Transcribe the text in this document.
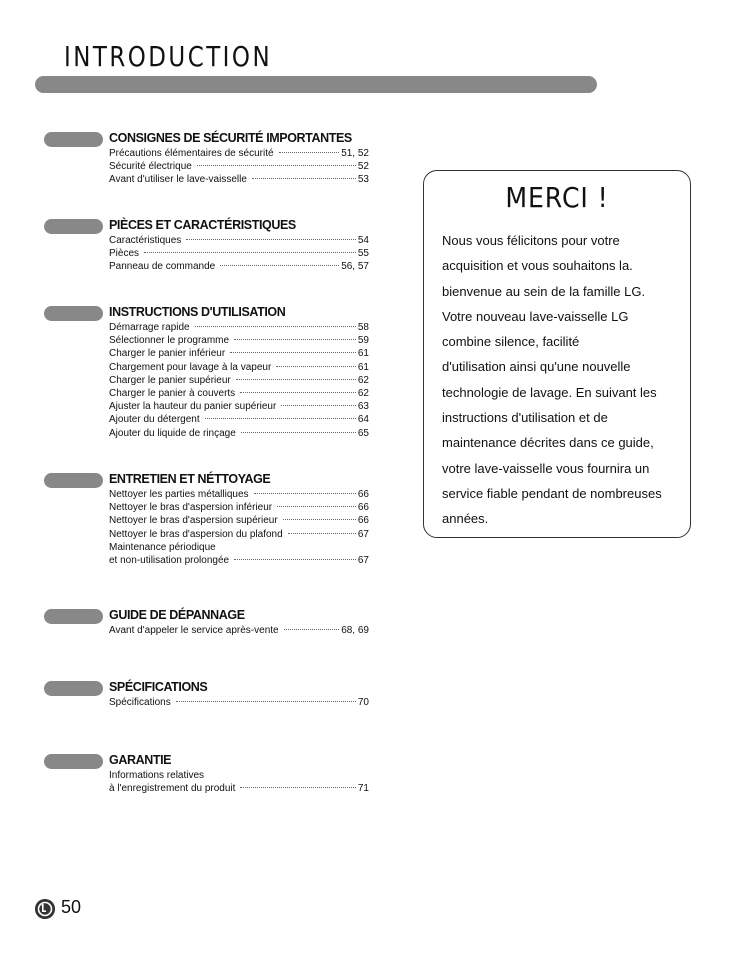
INTRODUCTION
CONSIGNES DE SÉCURITÉ IMPORTANTES
Précautions élémentaires de sécurité	51, 52
Sécurité électrique	52
Avant d'utiliser le lave-vaisselle	53
PIÈCES ET CARACTÉRISTIQUES
Caractéristiques	54
Pièces	55
Panneau de commande	56, 57
INSTRUCTIONS D'UTILISATION
Démarrage rapide	58
Sélectionner le programme	59
Charger le panier inférieur	61
Chargement pour lavage à la vapeur	61
Charger le panier supérieur	62
Charger le panier à couverts	62
Ajuster la hauteur du panier supérieur	63
Ajouter du détergent	64
Ajouter du liquide de rinçage	65
ENTRETIEN ET NÉTTOYAGE
Nettoyer les parties métalliques	66
Nettoyer le bras d'aspersion inférieur	66
Nettoyer le bras d'aspersion supérieur	66
Nettoyer le bras d'aspersion du plafond	67
Maintenance périodique
et non-utilisation prolongée	67
GUIDE DE DÉPANNAGE
Avant d'appeler le service après-vente	68, 69
SPÉCIFICATIONS
Spécifications	70
GARANTIE
Informations relatives
à l'enregistrement du produit	71
MERCI !
Nous vous félicitons pour votre
acquisition et vous souhaitons la.
bienvenue au sein de la famille LG.
Votre nouveau lave-vaisselle LG
combine silence, facilité
d'utilisation ainsi qu'une nouvelle
technologie de lavage. En suivant les
instructions d'utilisation et de
maintenance décrites dans ce guide,
votre lave-vaisselle vous fournira un
service fiable pendant de nombreuses
années.
50
